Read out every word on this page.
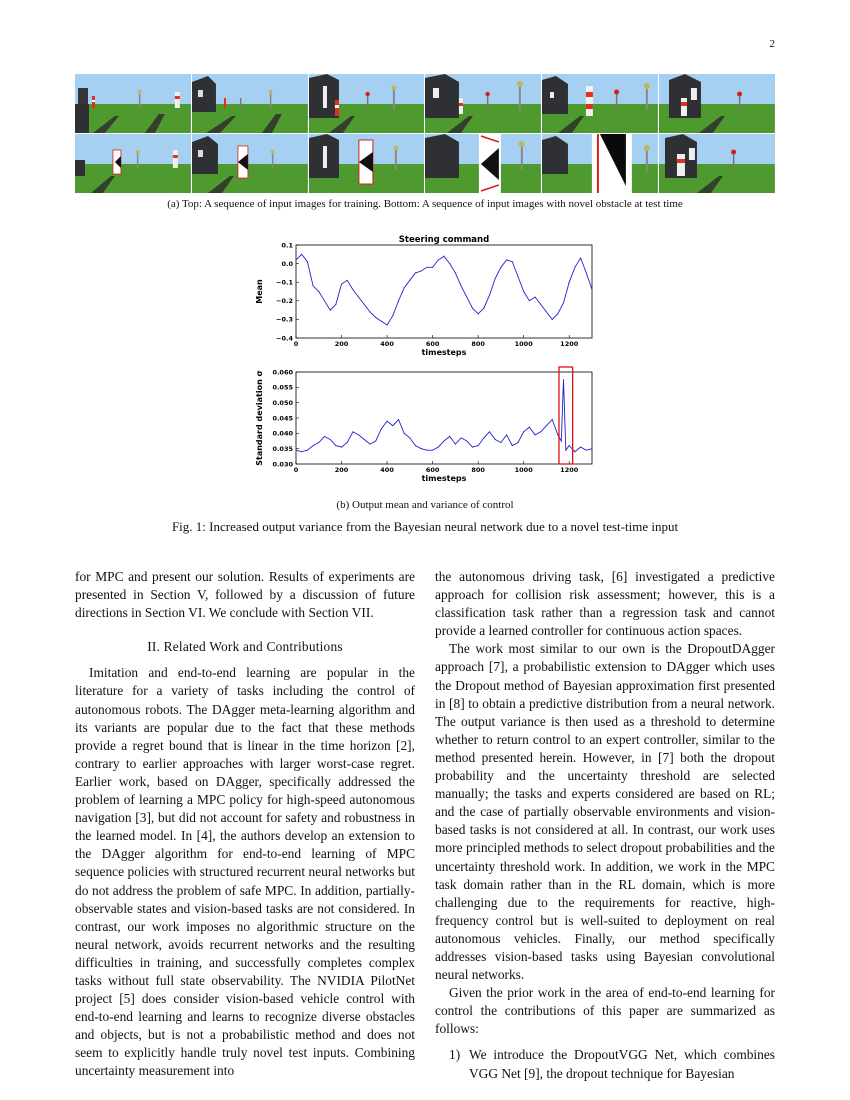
2
(a) Top: A sequence of input images for training. Bottom: A sequence of input images with novel obstacle at test time
Steering command
0	200	400	600	800	1000	1200
0.1
0.0
−0.1
−0.2
−0.3
−0.4
timesteps
Mean
0	200	400	600	800	1000	1200
0.060
0.055
0.050
0.045
0.040
0.035
0.030
timesteps
Standard deviation σ
(b) Output mean and variance of control
Fig. 1: Increased output variance from the Bayesian neural network due to a novel test-time input

for MPC and present our solution. Results of experiments are presented in Section V, followed by a discussion of future directions in Section VI. We conclude with Section VII.

II. Related Work and Contributions

Imitation and end-to-end learning are popular in the literature for a variety of tasks including the control of autonomous robots. The DAgger meta-learning algorithm and its variants are popular due to the fact that these methods provide a regret bound that is linear in the time horizon [2], contrary to earlier approaches with larger worst-case regret. Earlier work, based on DAgger, specifically addressed the problem of learning a MPC policy for high-speed autonomous navigation [3], but did not account for safety and robustness in the learned model. In [4], the authors develop an extension to the DAgger algorithm for end-to-end learning of MPC sequence policies with structured recurrent neural networks but do not address the problem of safe MPC. In addition, partially-observable states and vision-based tasks are not considered. In contrast, our work imposes no algorithmic structure on the neural network, avoids recurrent networks and the resulting difficulties in training, and successfully completes complex tasks without full state observability. The NVIDIA PilotNet project [5] does consider vision-based vehicle control with end-to-end learning and learns to recognize diverse obstacles and objects, but is not a probabilistic method and does not seem to explicitly handle truly novel test inputs. Combining uncertainty measurement into

the autonomous driving task, [6] investigated a predictive approach for collision risk assessment; however, this is a classification task rather than a regression task and cannot provide a learned controller for continuous action spaces.

The work most similar to our own is the DropoutDAgger approach [7], a probabilistic extension to DAgger which uses the Dropout method of Bayesian approximation first presented in [8] to obtain a predictive distribution from a neural network. The output variance is then used as a threshold to determine whether to return control to an expert controller, similar to the method presented herein. However, in [7] both the dropout probability and the uncertainty threshold are selected manually; the tasks and experts considered are based on RL; and the case of partially observable environments and vision-based tasks is not considered at all. In contrast, our work uses more principled methods to select dropout probabilities and the uncertainty threshold work. In addition, we work in the MPC task domain rather than in the RL domain, which is more challenging due to the requirements for reactive, high-frequency control but is well-suited to deployment on real autonomous vehicles. Finally, our method specifically addresses vision-based tasks using Bayesian convolutional neural networks.

Given the prior work in the area of end-to-end learning for control the contributions of this paper are summarized as follows:

1) We introduce the DropoutVGG Net, which combines VGG Net [9], the dropout technique for Bayesian
